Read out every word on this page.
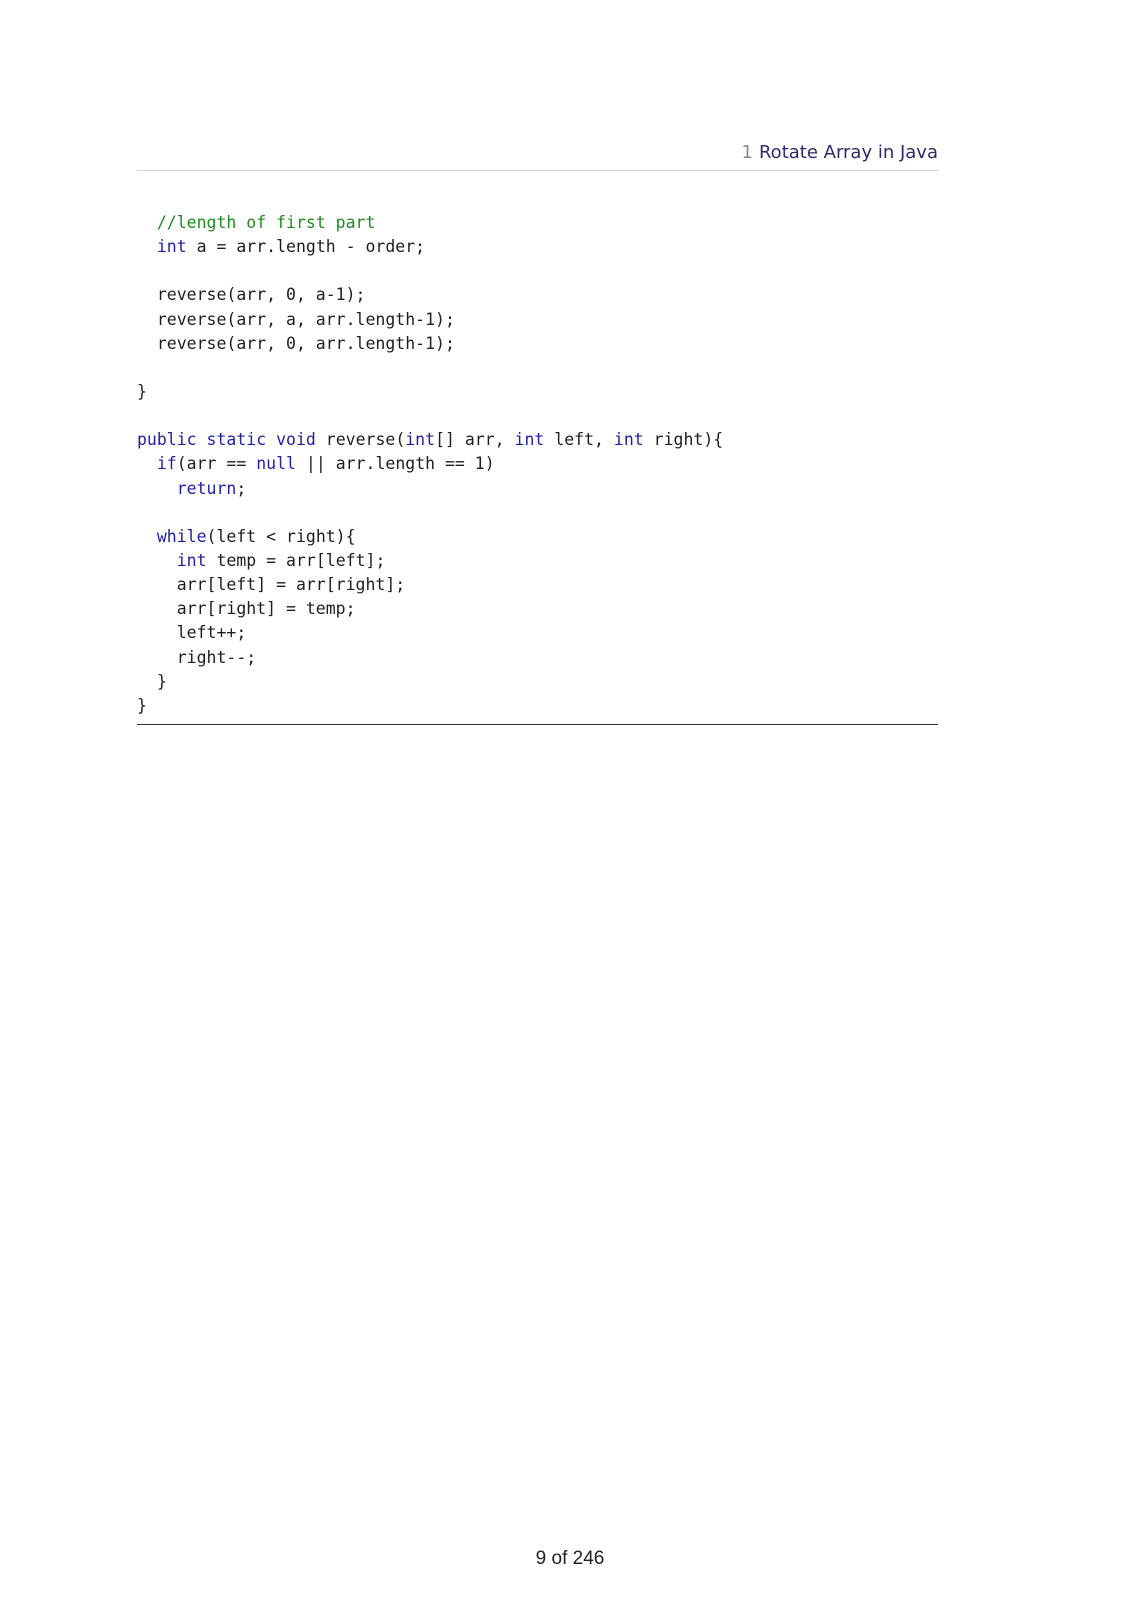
1 Rotate Array in Java
//length of first part
int a = arr.length - order;
reverse(arr, 0, a-1);
reverse(arr, a, arr.length-1);
reverse(arr, 0, arr.length-1);
}
public static void reverse(int[] arr, int left, int right){
if(arr == null || arr.length == 1)
return;
while(left < right){
int temp = arr[left];
arr[left] = arr[right];
arr[right] = temp;
left++;
right--;
}
}
9 of 246
